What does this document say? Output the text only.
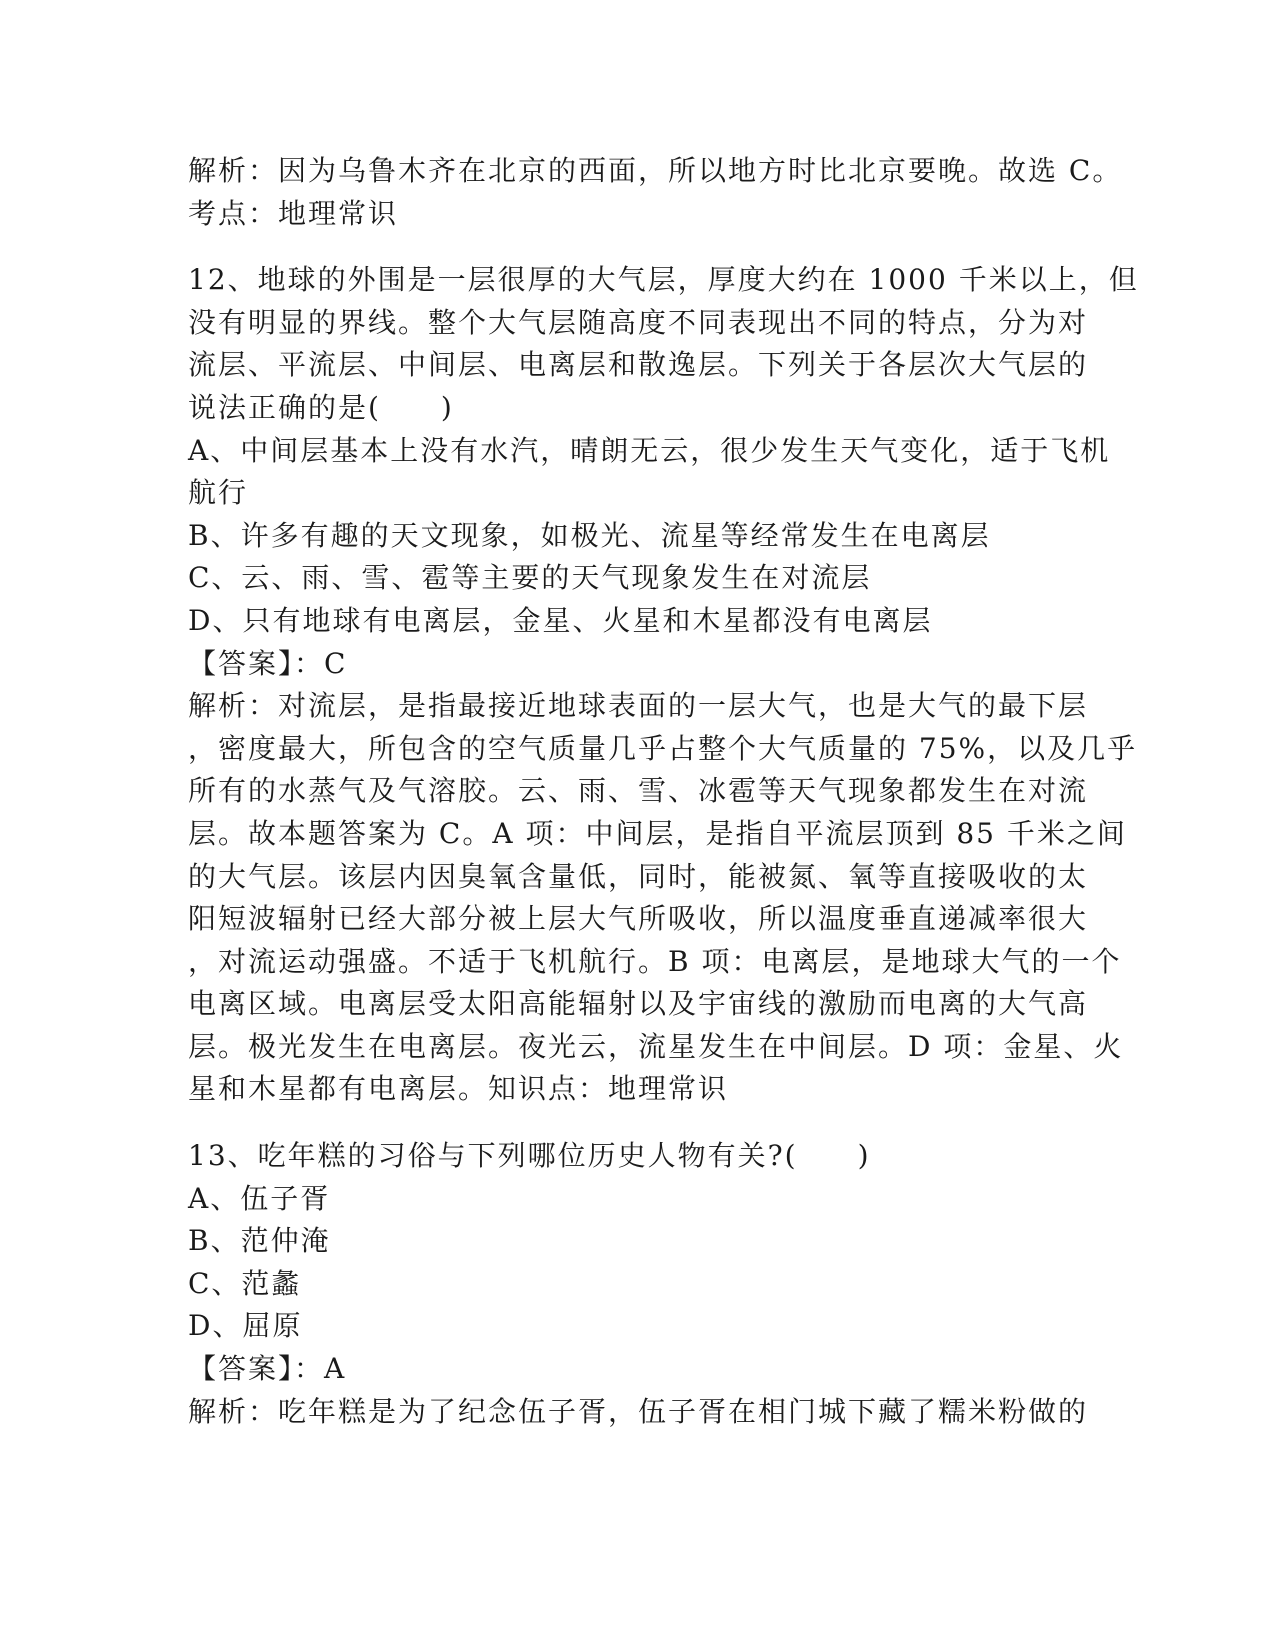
解析：因为乌鲁木齐在北京的西面，所以地方时比北京要晚。故选 C。

考点：地理常识

12、地球的外围是一层很厚的大气层，厚度大约在 1000 千米以上，但

没有明显的界线。整个大气层随高度不同表现出不同的特点，分为对

流层、平流层、中间层、电离层和散逸层。下列关于各层次大气层的

说法正确的是(　　)

A、中间层基本上没有水汽，晴朗无云，很少发生天气变化，适于飞机

航行

B、许多有趣的天文现象，如极光、流星等经常发生在电离层

C、云、雨、雪、雹等主要的天气现象发生在对流层

D、只有地球有电离层，金星、火星和木星都没有电离层

【答案】：C

解析：对流层，是指最接近地球表面的一层大气，也是大气的最下层

，密度最大，所包含的空气质量几乎占整个大气质量的 75%，以及几乎

所有的水蒸气及气溶胶。云、雨、雪、冰雹等天气现象都发生在对流

层。故本题答案为 C。A 项：中间层，是指自平流层顶到 85 千米之间

的大气层。该层内因臭氧含量低，同时，能被氮、氧等直接吸收的太

阳短波辐射已经大部分被上层大气所吸收，所以温度垂直递减率很大

，对流运动强盛。不适于飞机航行。B 项：电离层，是地球大气的一个

电离区域。电离层受太阳高能辐射以及宇宙线的激励而电离的大气高

层。极光发生在电离层。夜光云，流星发生在中间层。D 项：金星、火

星和木星都有电离层。知识点：地理常识

13、吃年糕的习俗与下列哪位历史人物有关?(　　)

A、伍子胥

B、范仲淹

C、范蠡

D、屈原

【答案】：A

解析：吃年糕是为了纪念伍子胥，伍子胥在相门城下藏了糯米粉做的
